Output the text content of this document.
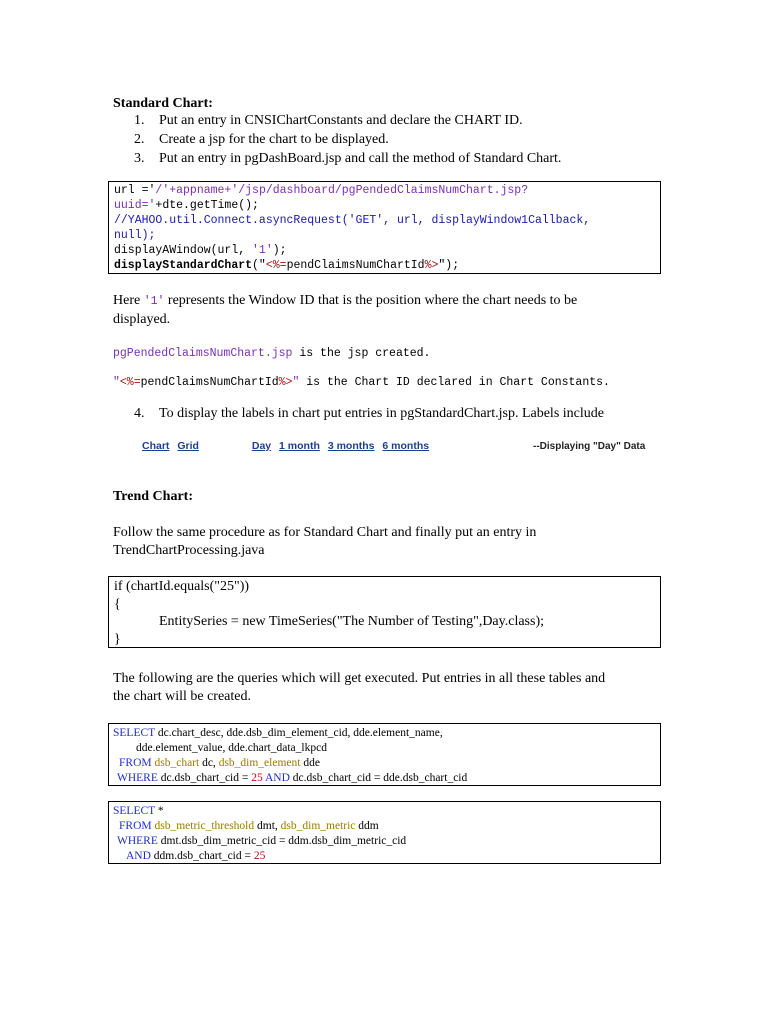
Standard Chart:
1. Put an entry in CNSIChartConstants and declare the CHART ID.
2. Create a jsp for the chart to be displayed.
3. Put an entry in pgDashBoard.jsp and call the method of Standard Chart.
url ='/'+appname+'/jsp/dashboard/pgPendedClaimsNumChart.jsp?
uuid='+dte.getTime();
//YAHOO.util.Connect.asyncRequest('GET', url, displayWindow1Callback,
null);
displayAWindow(url, '1');
displayStandardChart("<%=pendClaimsNumChartId%>");
Here '1' represents the Window ID that is the position where the chart needs to be
displayed.
pgPendedClaimsNumChart.jsp is the jsp created.
"<%=pendClaimsNumChartId%>" is the Chart ID declared in Chart Constants.
4. To display the labels in chart put entries in pgStandardChart.jsp. Labels include
Chart Grid	Day 1 month 3 months 6 months	--Displaying "Day" Data
Trend Chart:
Follow the same procedure as for Standard Chart and finally put an entry in
TrendChartProcessing.java
if (chartId.equals("25"))
{
EntitySeries = new TimeSeries("The Number of Testing",Day.class);
}
The following are the queries which will get executed. Put entries in all these tables and
the chart will be created.
SELECT dc.chart_desc, dde.dsb_dim_element_cid, dde.element_name,
dde.element_value, dde.chart_data_lkpcd
FROM dsb_chart dc, dsb_dim_element dde
WHERE dc.dsb_chart_cid = 25 AND dc.dsb_chart_cid = dde.dsb_chart_cid
SELECT *
FROM dsb_metric_threshold dmt, dsb_dim_metric ddm
WHERE dmt.dsb_dim_metric_cid = ddm.dsb_dim_metric_cid
AND ddm.dsb_chart_cid = 25
